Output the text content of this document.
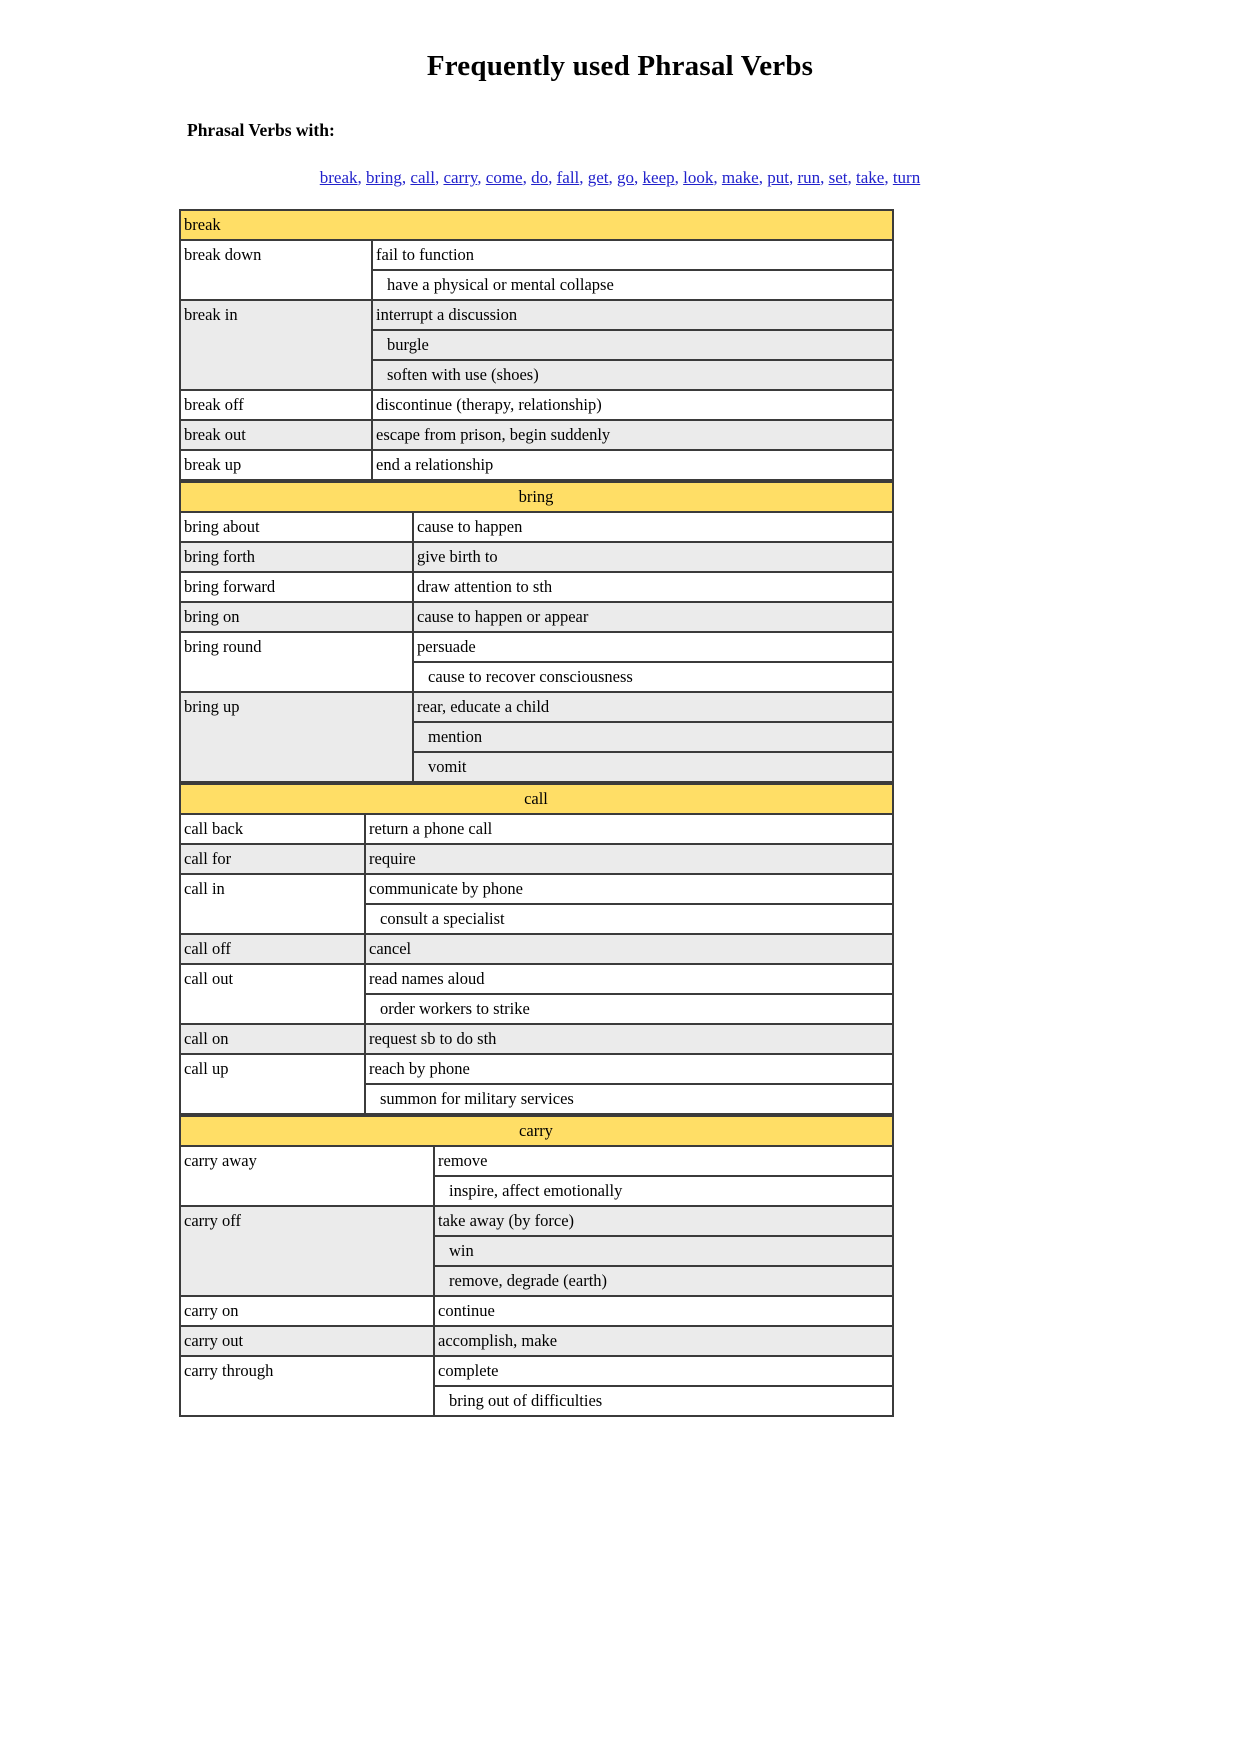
Frequently used Phrasal Verbs
Phrasal Verbs with:
break, bring, call, carry, come, do, fall, get, go, keep, look, make, put, run, set, take, turn
break	
break down	fail to function
	have a physical or mental collapse
break in	interrupt a discussion
	burgle
	soften with use (shoes)
break off	discontinue (therapy, relationship)
break out	escape from prison, begin suddenly
break up	end a relationship
bring	
bring about	cause to happen
bring forth	give birth to
bring forward	draw attention to sth
bring on	cause to happen or appear
bring round	persuade
	cause to recover consciousness
bring up	rear, educate a child
	mention
	vomit
call	
call back	return a phone call
call for	require
call in	communicate by phone
	consult a specialist
call off	cancel
call out	read names aloud
	order workers to strike
call on	request sb to do sth
call up	reach by phone
	summon for military services
carry	
carry away	remove
	inspire, affect emotionally
carry off	take away (by force)
	win
	remove, degrade (earth)
carry on	continue
carry out	accomplish, make
carry through	complete
	bring out of difficulties
